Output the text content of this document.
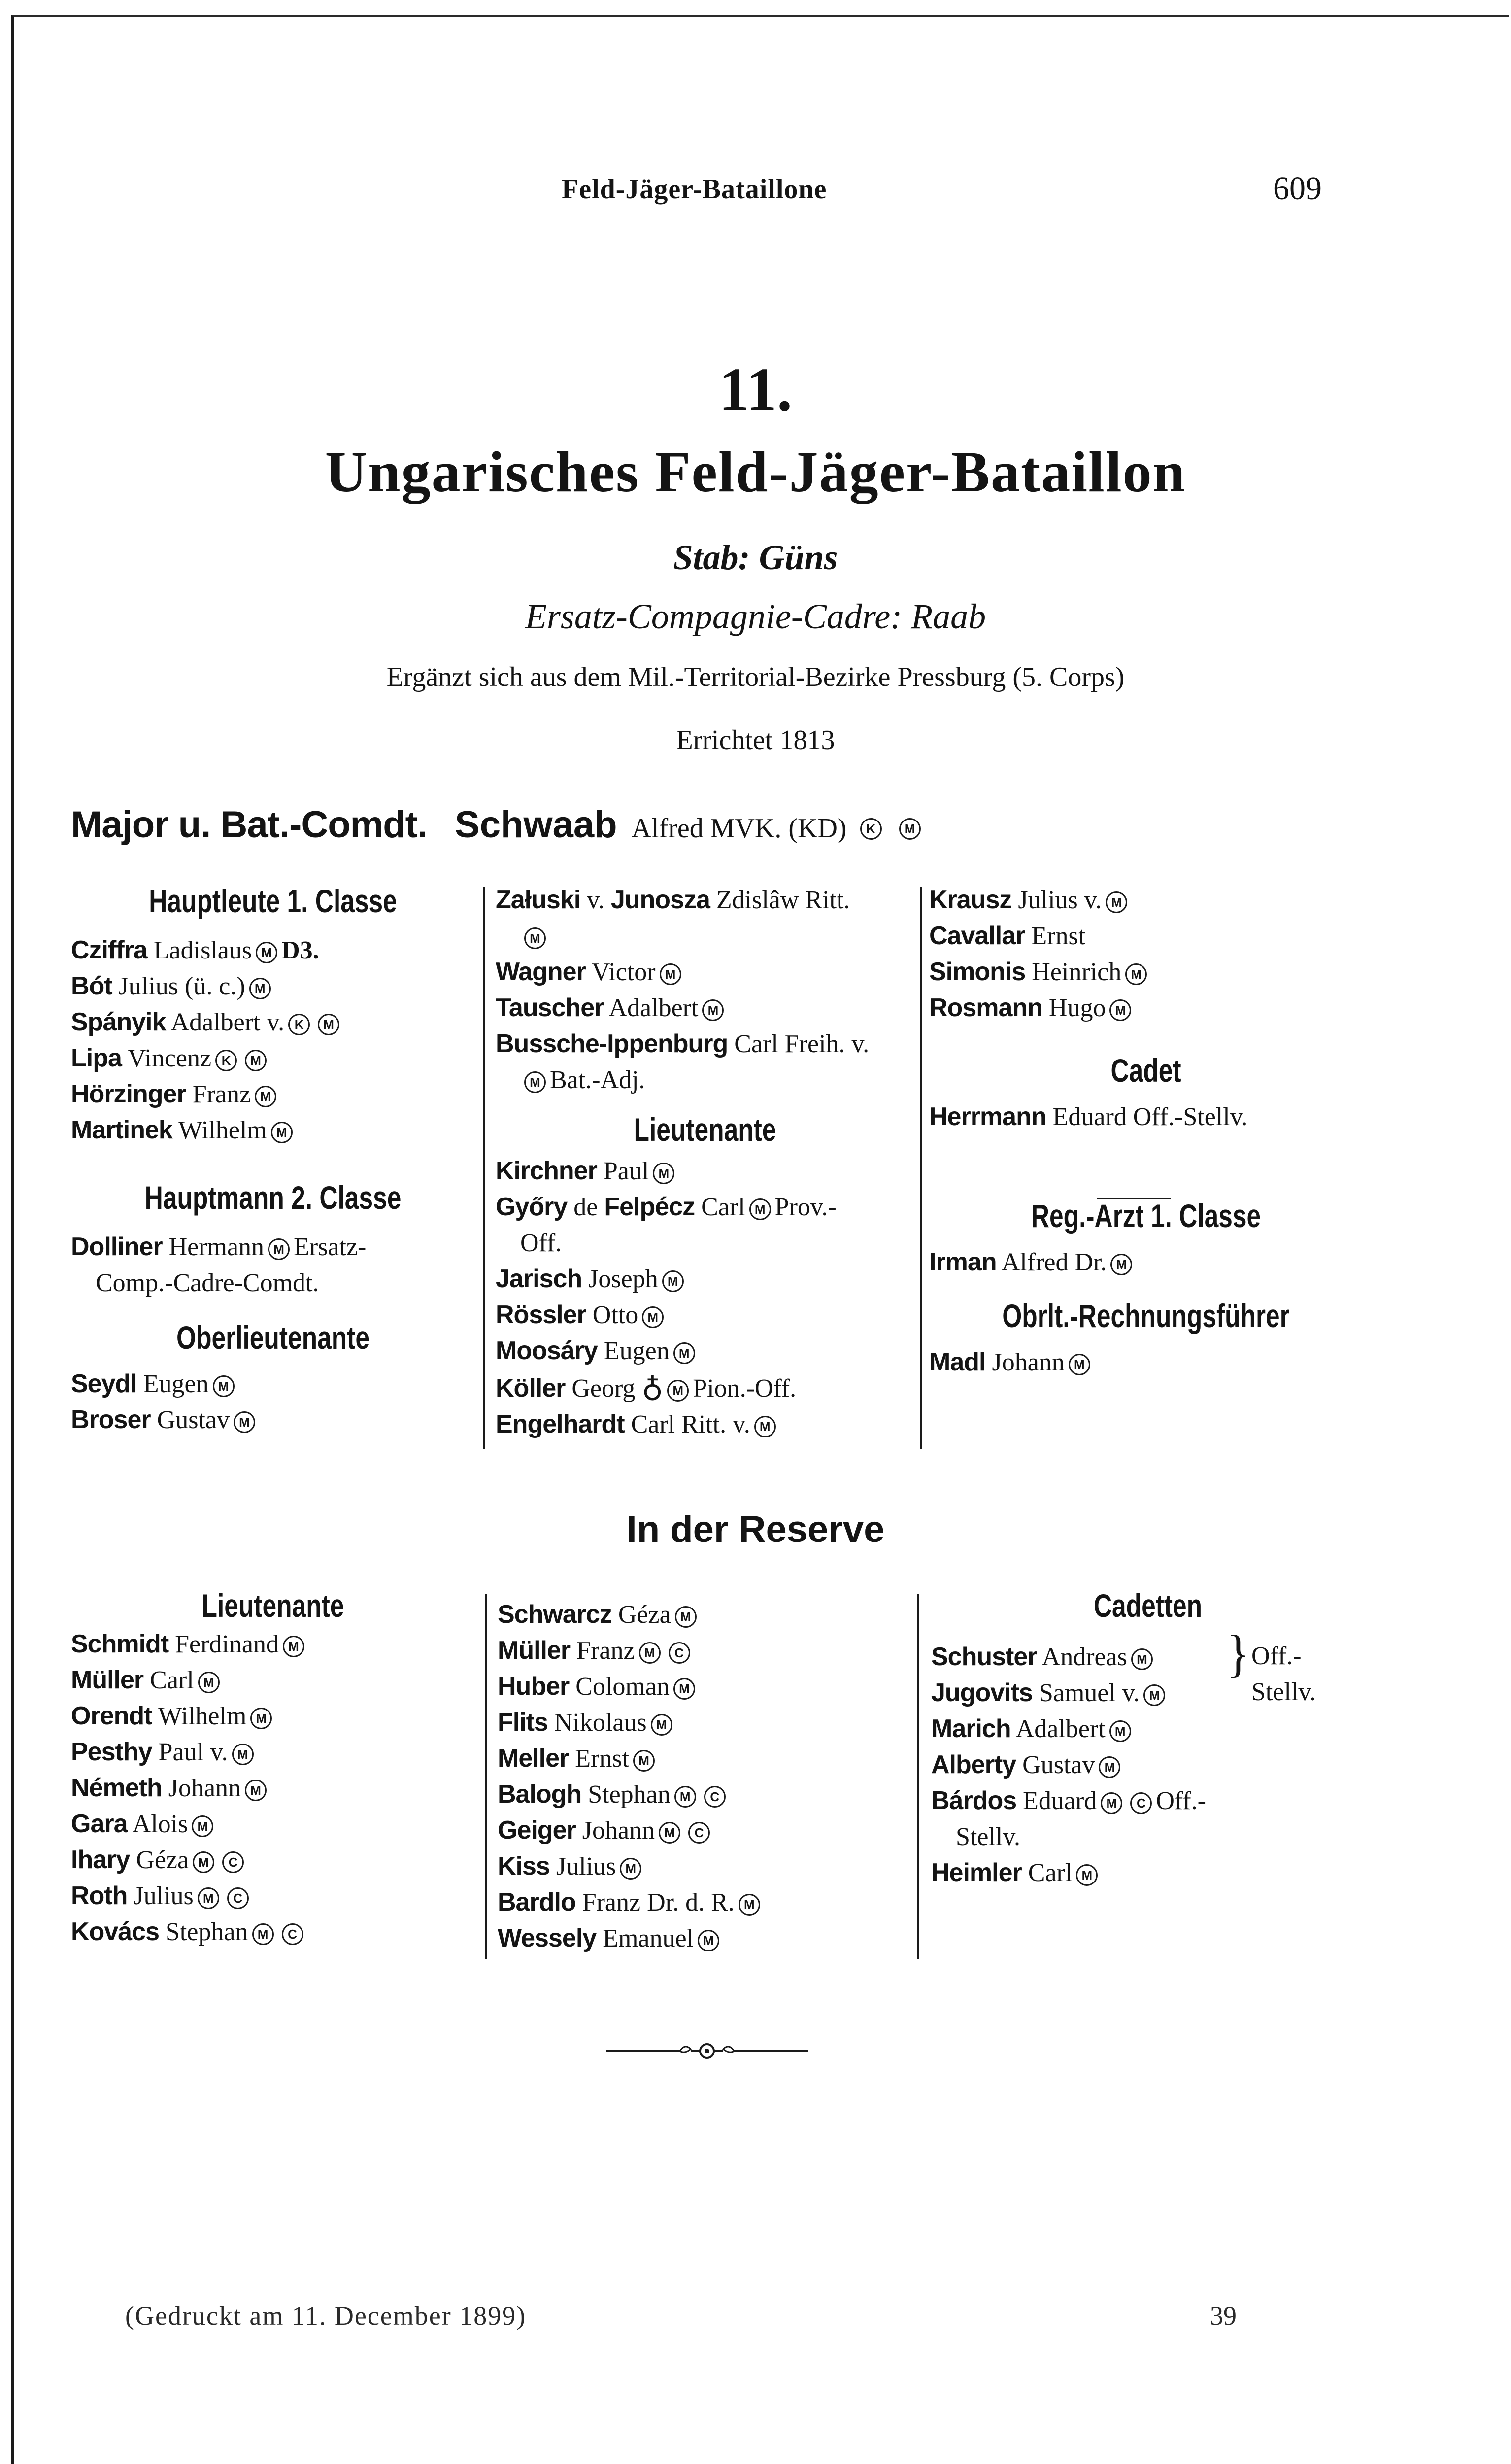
Feld-Jäger-Bataillone	609
11.
Ungarisches Feld-Jäger-Bataillon
Stab: Güns
Ersatz-Compagnie-Cadre: Raab
Ergänzt sich aus dem Mil.-Territorial-Bezirke Pressburg (5. Corps)
Errichtet 1813
Major u. Bat.-Comdt. Schwaab Alfred MVK. (KD) K M
Hauptleute 1. Classe
Cziffra Ladislaus M D3.
Bót Julius (ü. c.) M
Spányik Adalbert v. K M
Lipa Vincenz K M
Hörzinger Franz M
Martinek Wilhelm M
Hauptmann 2. Classe
Dolliner Hermann M Ersatz-
Comp.-Cadre-Comdt.
Oberlieutenante
Seydl Eugen M
Broser Gustav M
Załuski v. Junosza Zdislâw Ritt.
M
Wagner Victor M
Tauscher Adalbert M
Bussche-Ippenburg Carl Freih. v.
M Bat.-Adj.
Lieutenante
Kirchner Paul M
Győry de Felpécz Carl M Prov.-
Off.
Jarisch Joseph M
Rössler Otto M
Moosáry Eugen M
Köller Georg ♁ M Pion.-Off.
Engelhardt Carl Ritt. v. M
Krausz Julius v. M
Cavallar Ernst
Simonis Heinrich M
Rosmann Hugo M
Cadet
Herrmann Eduard Off.-Stellv.
Reg.-Arzt 1. Classe
Irman Alfred Dr. M
Obrlt.-Rechnungsführer
Madl Johann M
In der Reserve
Lieutenante
Schmidt Ferdinand M
Müller Carl M
Orendt Wilhelm M
Pesthy Paul v. M
Németh Johann M
Gara Alois M
Ihary Géza M C
Roth Julius M C
Kovács Stephan M C
Schwarcz Géza M
Müller Franz M C
Huber Coloman M
Flits Nikolaus M
Meller Ernst M
Balogh Stephan M C
Geiger Johann M C
Kiss Julius M
Bardlo Franz Dr. d. R. M
Wessely Emanuel M
Cadetten
Schuster Andreas M
Jugovits Samuel v. M
} Off.-
Stellv.
Marich Adalbert M
Alberty Gustav M
Bárdos Eduard M C Off.-
Stellv.
Heimler Carl M
(Gedruckt am 11. December 1899)	39
